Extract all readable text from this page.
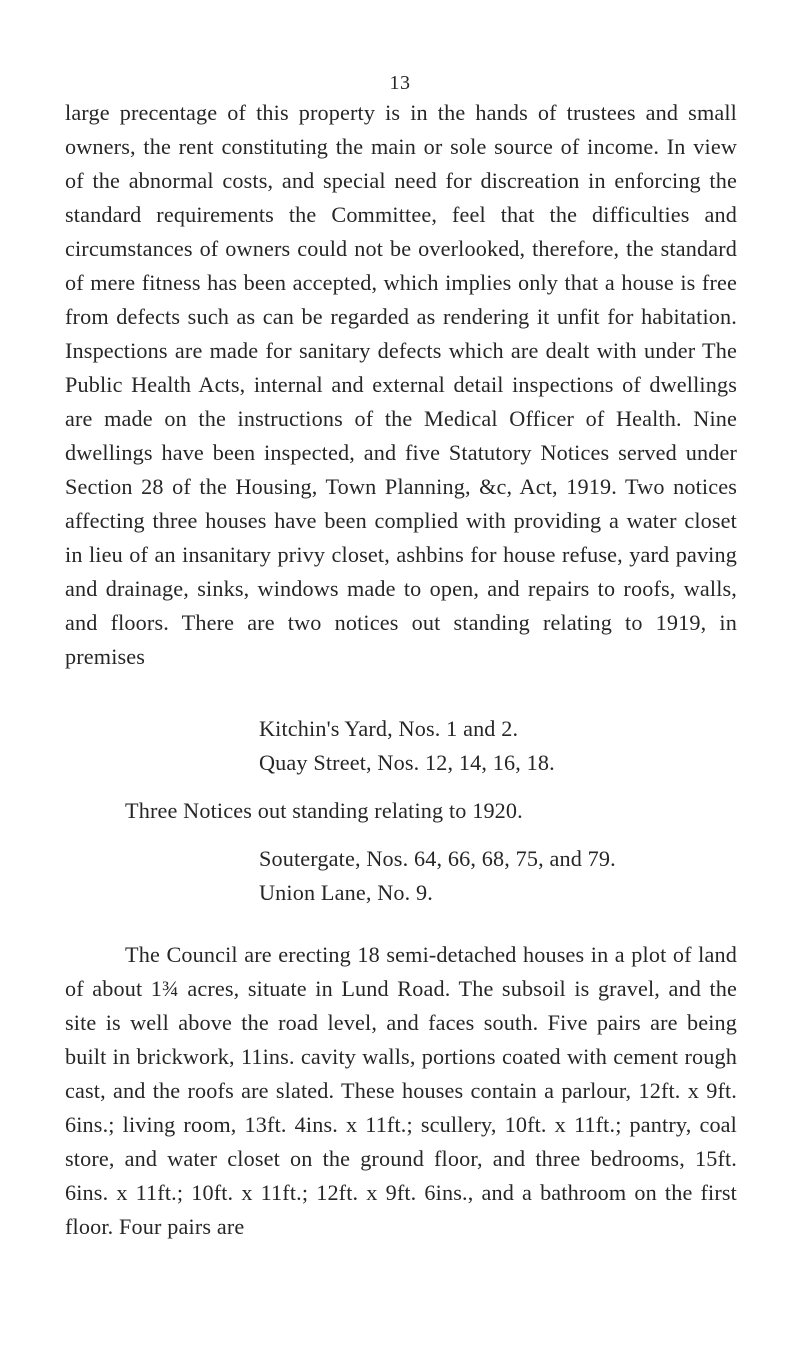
13
large precentage of this property is in the hands of trustees and small owners, the rent constituting the main or sole source of income. In view of the abnormal costs, and special need for discreation in enforcing the standard requirements the Committee, feel that the difficulties and circumstances of owners could not be overlooked, therefore, the standard of mere fitness has been accepted, which implies only that a house is free from defects such as can be regarded as rendering it unfit for habitation. Inspections are made for sanitary defects which are dealt with under The Public Health Acts, internal and external detail inspections of dwellings are made on the instructions of the Medical Officer of Health. Nine dwellings have been inspected, and five Statutory Notices served under Section 28 of the Housing, Town Planning, &c, Act, 1919. Two notices affecting three houses have been complied with providing a water closet in lieu of an insanitary privy closet, ashbins for house refuse, yard paving and drainage, sinks, windows made to open, and repairs to roofs, walls, and floors. There are two notices out standing relating to 1919, in premises
Kitchin's Yard, Nos. 1 and 2.
Quay Street, Nos. 12, 14, 16, 18.
Three Notices out standing relating to 1920.
Soutergate, Nos. 64, 66, 68, 75, and 79.
Union Lane, No. 9.
The Council are erecting 18 semi-detached houses in a plot of land of about 1¾ acres, situate in Lund Road. The subsoil is gravel, and the site is well above the road level, and faces south. Five pairs are being built in brickwork, 11ins. cavity walls, portions coated with cement rough cast, and the roofs are slated. These houses contain a parlour, 12ft. x 9ft. 6ins.; living room, 13ft. 4ins. x 11ft.; scullery, 10ft. x 11ft.; pantry, coal store, and water closet on the ground floor, and three bedrooms, 15ft. 6ins. x 11ft.; 10ft. x 11ft.; 12ft. x 9ft. 6ins., and a bathroom on the first floor. Four pairs are
